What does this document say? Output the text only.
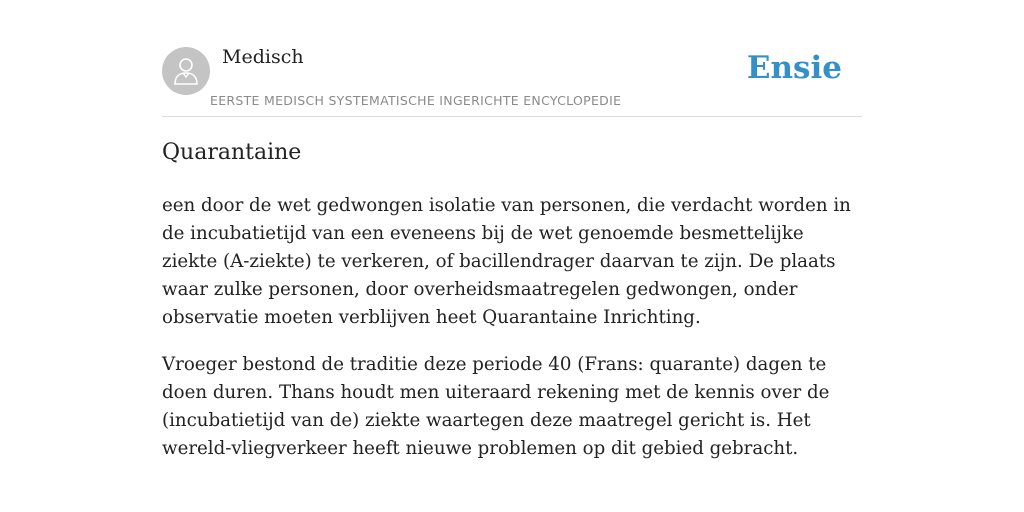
Medisch
EERSTE MEDISCH SYSTEMATISCHE INGERICHTE ENCYCLOPEDIE
Ensie
Quarantaine

een door de wet gedwongen isolatie van personen, die verdacht worden in de incubatietijd van een eveneens bij de wet genoemde besmettelijke ziekte (A-ziekte) te verkeren, of bacillendrager daarvan te zijn. De plaats waar zulke personen, door overheidsmaatregelen gedwongen, onder observatie moeten verblijven heet Quarantaine Inrichting.

Vroeger bestond de traditie deze periode 40 (Frans: quarante) dagen te doen duren. Thans houdt men uiteraard rekening met de kennis over de (incubatietijd van de) ziekte waartegen deze maatregel gericht is. Het wereld-vliegverkeer heeft nieuwe problemen op dit gebied gebracht.
